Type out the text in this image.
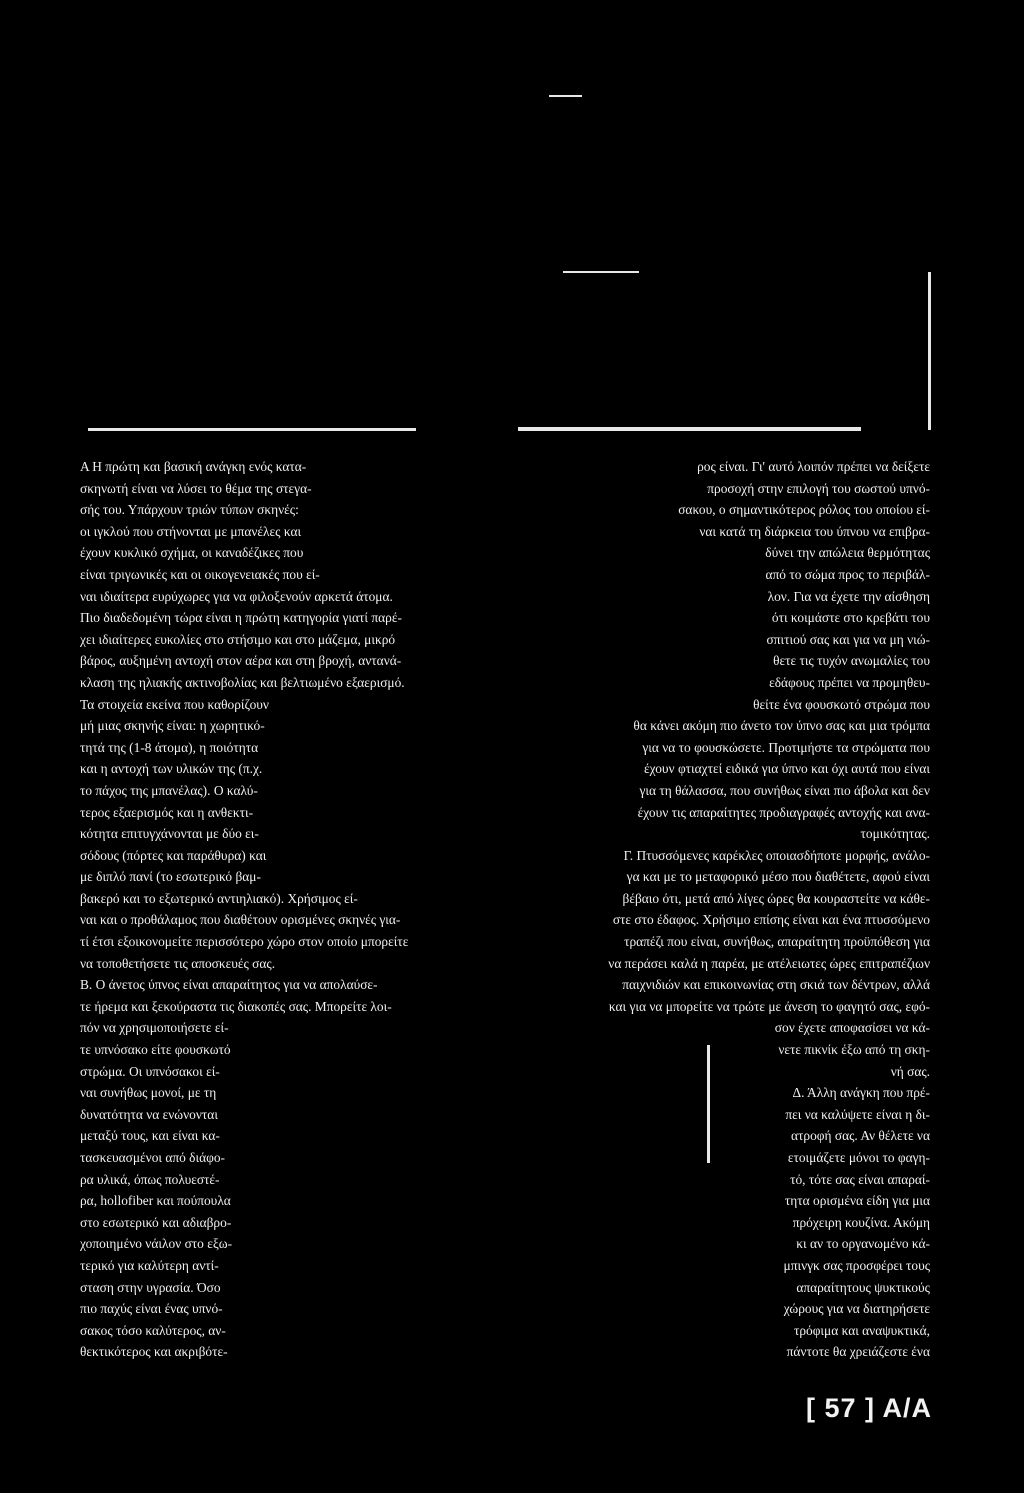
Α Η πρώτη και βασική ανάγκη ενός κατα-
σκηνωτή είναι να λύσει το θέμα της στεγα-
σής του. Υπάρχουν τριών τύπων σκηνές:
οι ιγκλού που στήνονται με μπανέλες και
έχουν κυκλικό σχήμα, οι καναδέζικες που
είναι τριγωνικές και οι οικογενειακές που εί-
ναι ιδιαίτερα ευρύχωρες για να φιλοξενούν αρκετά άτομα.
Πιο διαδεδομένη τώρα είναι η πρώτη κατηγορία γιατί παρέ-
χει ιδιαίτερες ευκολίες στο στήσιμο και στο μάζεμα, μικρό
βάρος, αυξημένη αντοχή στον αέρα και στη βροχή, αντανά-
κλαση της ηλιακής ακτινοβολίας και βελτιωμένο εξαερισμό.
Τα στοιχεία εκείνα που καθορίζουν
μή μιας σκηνής είναι: η χωρητικό-
τητά της (1-8 άτομα), η ποιότητα
και η αντοχή των υλικών της (π.χ.
το πάχος της μπανέλας). Ο καλύ-
τερος εξαερισμός και η ανθεκτι-
κότητα επιτυγχάνονται με δύο ει-
σόδους (πόρτες και παράθυρα) και
με διπλό πανί (το εσωτερικό βαμ-
βακερό και το εξωτερικό αντιηλιακό). Χρήσιμος εί-
ναι και ο προθάλαμος που διαθέτουν ορισμένες σκηνές για-
τί έτσι εξοικονομείτε περισσότερο χώρο στον οποίο μπορείτε
να τοποθετήσετε τις αποσκευές σας.
Β. Ο άνετος ύπνος είναι απαραίτητος για να απολαύσε-
τε ήρεμα και ξεκούραστα τις διακοπές σας. Μπορείτε λοι-
πόν να χρησιμοποιήσετε εί-
τε υπνόσακο είτε φουσκωτό
στρώμα. Οι υπνόσακοι εί-
ναι συνήθως μονοί, με τη
δυνατότητα να ενώνονται
μεταξύ τους, και είναι κα-
τασκευασμένοι από διάφο-
ρα υλικά, όπως πολυεστέ-
ρα, hollofiber και πούπουλα
στο εσωτερικό και αδιαβρο-
χοποιημένο νάιλον στο εξω-
τερικό για καλύτερη αντί-
σταση στην υγρασία. Όσο
πιο παχύς είναι ένας υπνό-
σακος τόσο καλύτερος, αν-
θεκτικότερος και ακριβότε-
ρος είναι. Γι' αυτό λοιπόν πρέπει να δείξετε
προσοχή στην επιλογή του σωστού υπνό-
σακου, ο σημαντικότερος ρόλος του οποίου εί-
ναι κατά τη διάρκεια του ύπνου να επιβρα-
δύνει την απώλεια θερμότητας
από το σώμα προς το περιβάλ-
λον. Για να έχετε την αίσθηση
ότι κοιμάστε στο κρεβάτι του
σπιτιού σας και για να μη νιώ-
θετε τις τυχόν ανωμαλίες του
εδάφους πρέπει να προμηθευ-
θείτε ένα φουσκωτό στρώμα που
θα κάνει ακόμη πιο άνετο τον ύπνο σας και μια τρόμπα
για να το φουσκώσετε. Προτιμήστε τα στρώματα που
έχουν φτιαχτεί ειδικά για ύπνο και όχι αυτά που είναι
για τη θάλασσα, που συνήθως είναι πιο άβολα και δεν
έχουν τις απαραίτητες προδιαγραφές αντοχής και ανα-
τομικότητας.
Γ. Πτυσσόμενες καρέκλες οποιασδήποτε μορφής, ανάλο-
γα και με το μεταφορικό μέσο που διαθέτετε, αφού είναι
βέβαιο ότι, μετά από λίγες ώρες θα κουραστείτε να κάθε-
στε στο έδαφος. Χρήσιμο επίσης είναι και ένα πτυσσόμενο
τραπέζι που είναι, συνήθως, απαραίτητη προϋπόθεση για
να περάσει καλά η παρέα, με ατέλειωτες ώρες επιτραπέζιων
παιχνιδιών και επικοινωνίας στη σκιά των δέντρων, αλλά
και για να μπορείτε να τρώτε με άνεση το φαγητό σας, εφό-
σον έχετε αποφασίσει να κά-
νετε πικνίκ έξω από τη σκη-
νή σας.
Δ. Άλλη ανάγκη που πρέ-
πει να καλύψετε είναι η δι-
ατροφή σας. Αν θέλετε να
ετοιμάζετε μόνοι το φαγη-
τό, τότε σας είναι απαραί-
τητα ορισμένα είδη για μια
πρόχειρη κουζίνα. Ακόμη
κι αν το οργανωμένο κά-
μπινγκ σας προσφέρει τους
απαραίτητους ψυκτικούς
χώρους για να διατηρήσετε
τρόφιμα και αναψυκτικά,
πάντοτε θα χρειάζεστε ένα
[ 57 ] Α/Α
